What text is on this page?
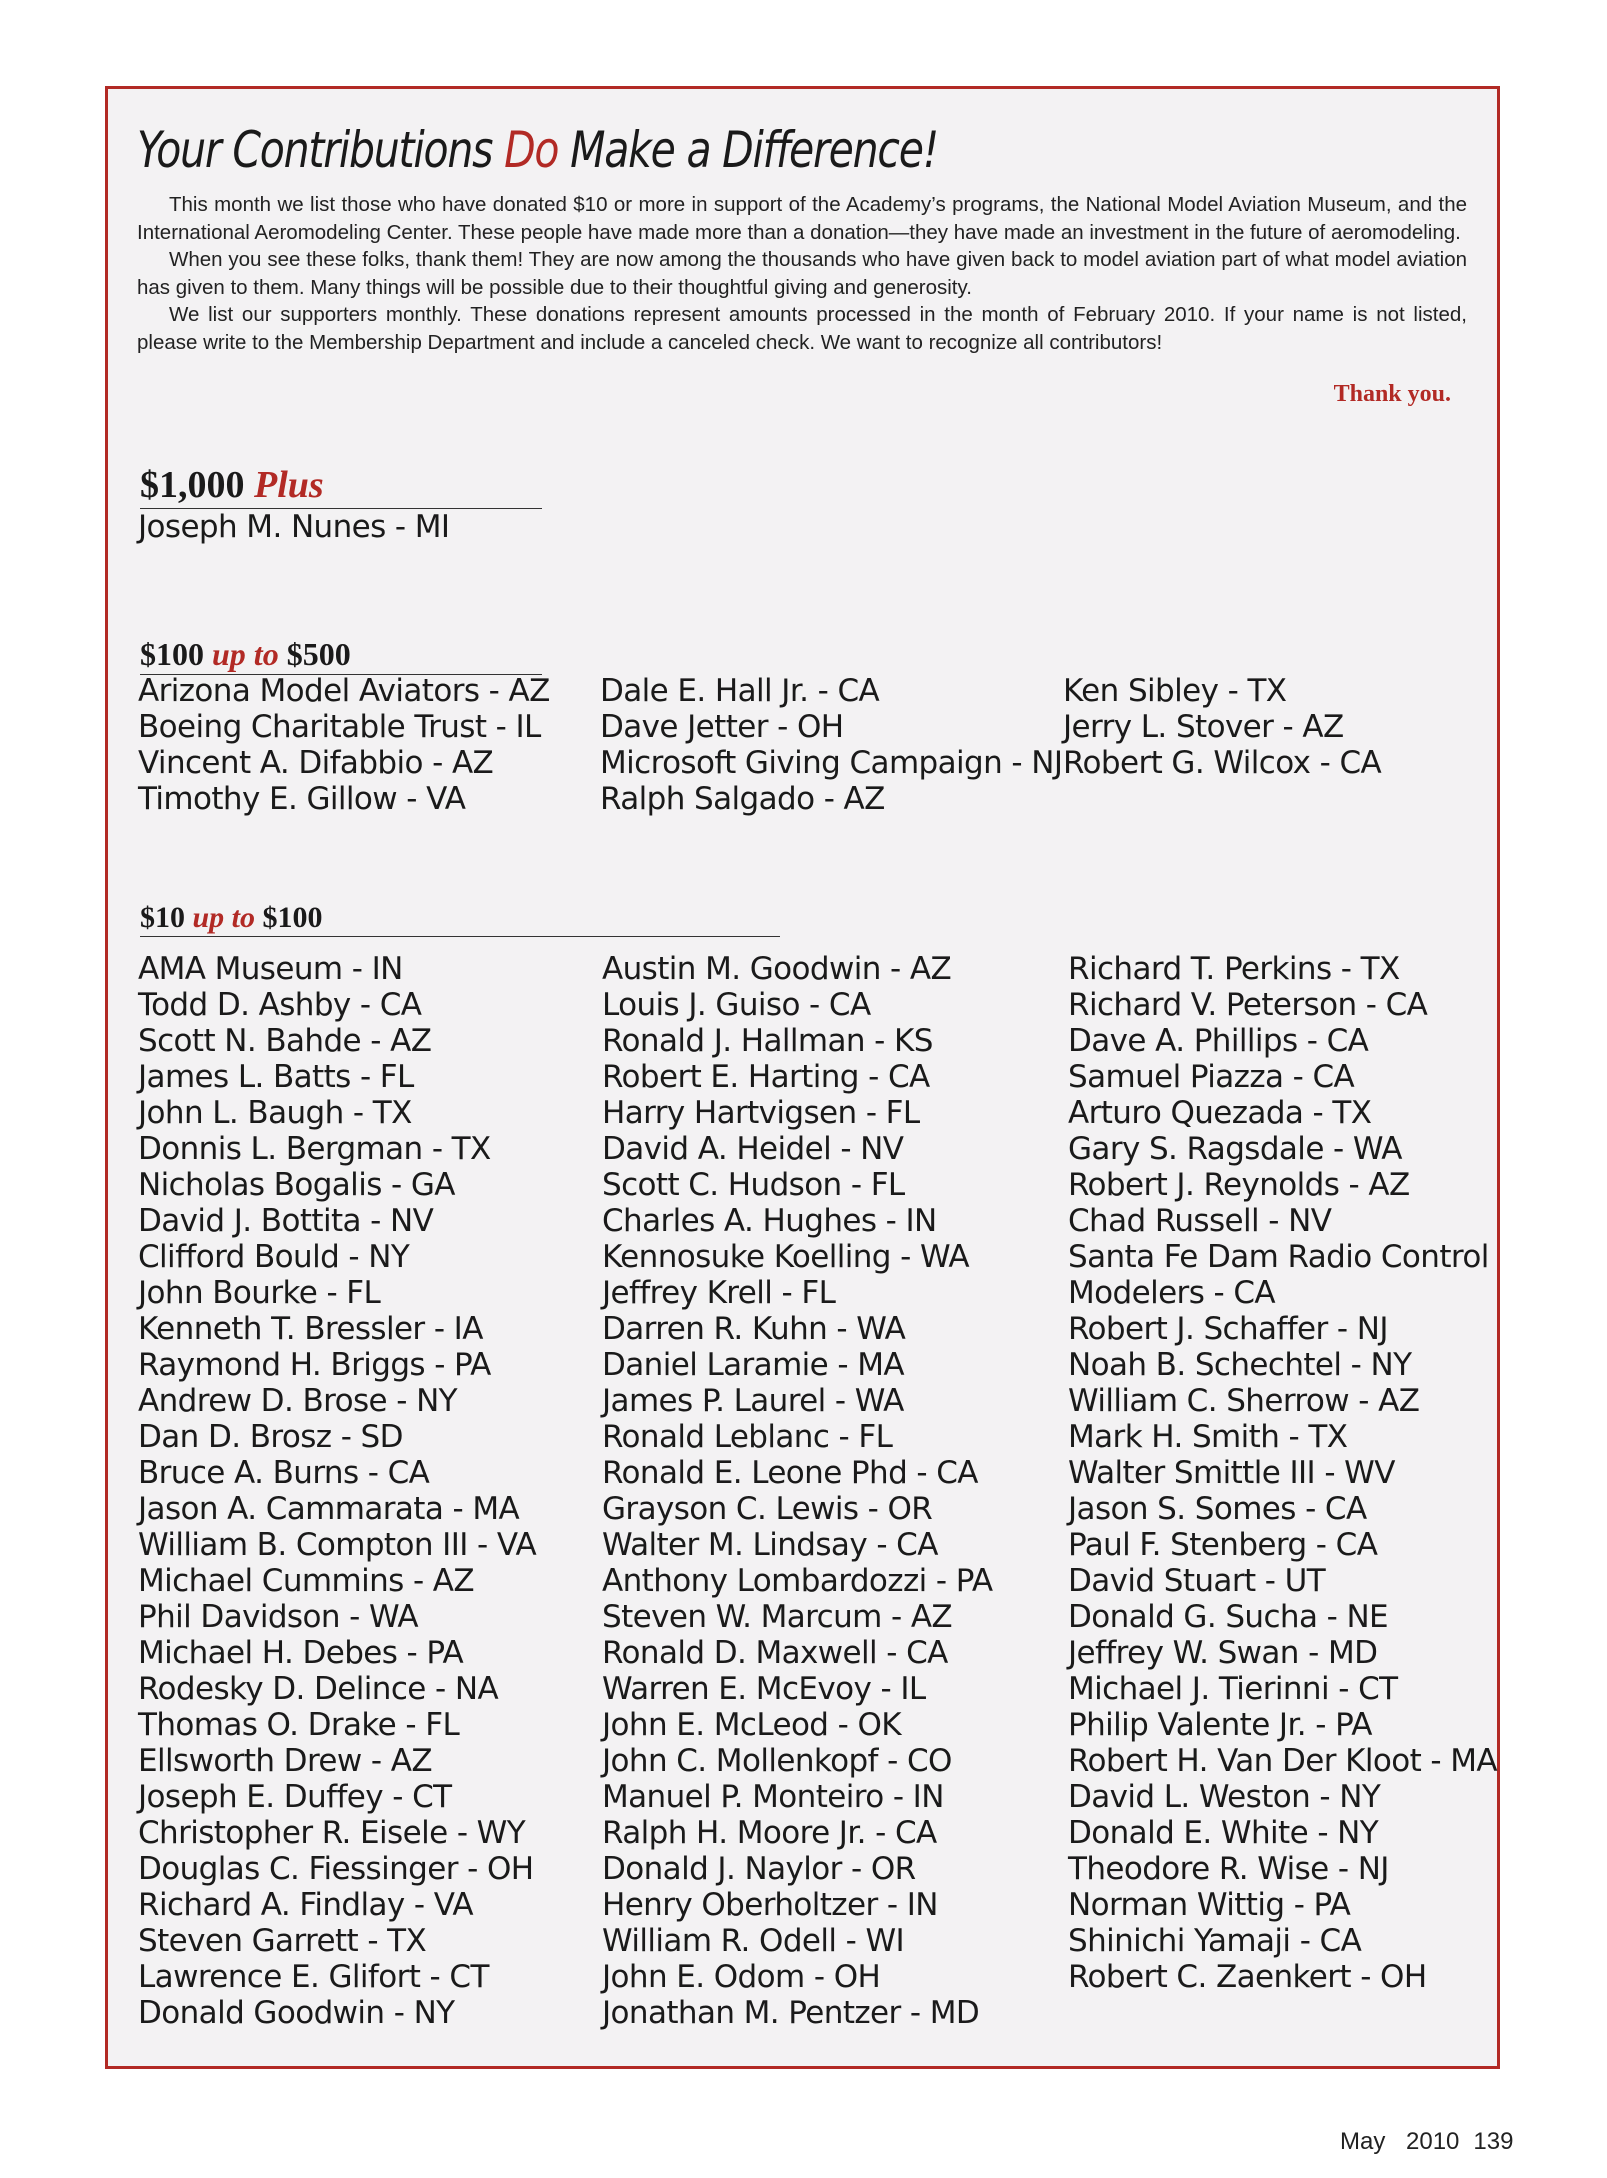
Your Contributions Do Make a Difference!

This month we list those who have donated $10 or more in support of the Academy’s programs, the National Model Aviation Museum, and the International Aeromodeling Center. These people have made more than a donation—they have made an investment in the future of aeromodeling.

When you see these folks, thank them! They are now among the thousands who have given back to model aviation part of what model aviation has given to them. Many things will be possible due to their thoughtful giving and generosity.

We list our supporters monthly. These donations represent amounts processed in the month of February 2010. If your name is not listed, please write to the Membership Department and include a canceled check. We want to recognize all contributors!

Thank you.
$1,000 Plus
Joseph M. Nunes - MI
$100 up to $500
Arizona Model Aviators - AZ
Boeing Charitable Trust - IL
Vincent A. Difabbio - AZ
Timothy E. Gillow - VA
Dale E. Hall Jr. - CA
Dave Jetter - OH
Microsoft Giving Campaign - NJ
Ralph Salgado - AZ
Ken Sibley - TX
Jerry L. Stover - AZ
Robert G. Wilcox - CA
$10 up to $100
AMA Museum - IN
Todd D. Ashby - CA
Scott N. Bahde - AZ
James L. Batts - FL
John L. Baugh - TX
Donnis L. Bergman - TX
Nicholas Bogalis - GA
David J. Bottita - NV
Clifford Bould - NY
John Bourke - FL
Kenneth T. Bressler - IA
Raymond H. Briggs - PA
Andrew D. Brose - NY
Dan D. Brosz - SD
Bruce A. Burns - CA
Jason A. Cammarata - MA
William B. Compton III - VA
Michael Cummins - AZ
Phil Davidson - WA
Michael H. Debes - PA
Rodesky D. Delince - NA
Thomas O. Drake - FL
Ellsworth Drew - AZ
Joseph E. Duffey - CT
Christopher R. Eisele - WY
Douglas C. Fiessinger - OH
Richard A. Findlay - VA
Steven Garrett - TX
Lawrence E. Glifort - CT
Donald Goodwin - NY
Austin M. Goodwin - AZ
Louis J. Guiso - CA
Ronald J. Hallman - KS
Robert E. Harting - CA
Harry Hartvigsen - FL
David A. Heidel - NV
Scott C. Hudson - FL
Charles A. Hughes - IN
Kennosuke Koelling - WA
Jeffrey Krell - FL
Darren R. Kuhn - WA
Daniel Laramie - MA
James P. Laurel - WA
Ronald Leblanc - FL
Ronald E. Leone Phd - CA
Grayson C. Lewis - OR
Walter M. Lindsay - CA
Anthony Lombardozzi - PA
Steven W. Marcum - AZ
Ronald D. Maxwell - CA
Warren E. McEvoy - IL
John E. McLeod - OK
John C. Mollenkopf - CO
Manuel P. Monteiro - IN
Ralph H. Moore Jr. - CA
Donald J. Naylor - OR
Henry Oberholtzer - IN
William R. Odell - WI
John E. Odom - OH
Jonathan M. Pentzer - MD
Richard T. Perkins - TX
Richard V. Peterson - CA
Dave A. Phillips - CA
Samuel Piazza - CA
Arturo Quezada - TX
Gary S. Ragsdale - WA
Robert J. Reynolds - AZ
Chad Russell - NV
Santa Fe Dam Radio Control
Modelers - CA
Robert J. Schaffer - NJ
Noah B. Schechtel - NY
William C. Sherrow - AZ
Mark H. Smith - TX
Walter Smittle III - WV
Jason S. Somes - CA
Paul F. Stenberg - CA
David Stuart - UT
Donald G. Sucha - NE
Jeffrey W. Swan - MD
Michael J. Tierinni - CT
Philip Valente Jr. - PA
Robert H. Van Der Kloot - MA
David L. Weston - NY
Donald E. White - NY
Theodore R. Wise - NJ
Norman Wittig - PA
Shinichi Yamaji - CA
Robert C. Zaenkert - OH
May 2010 139
